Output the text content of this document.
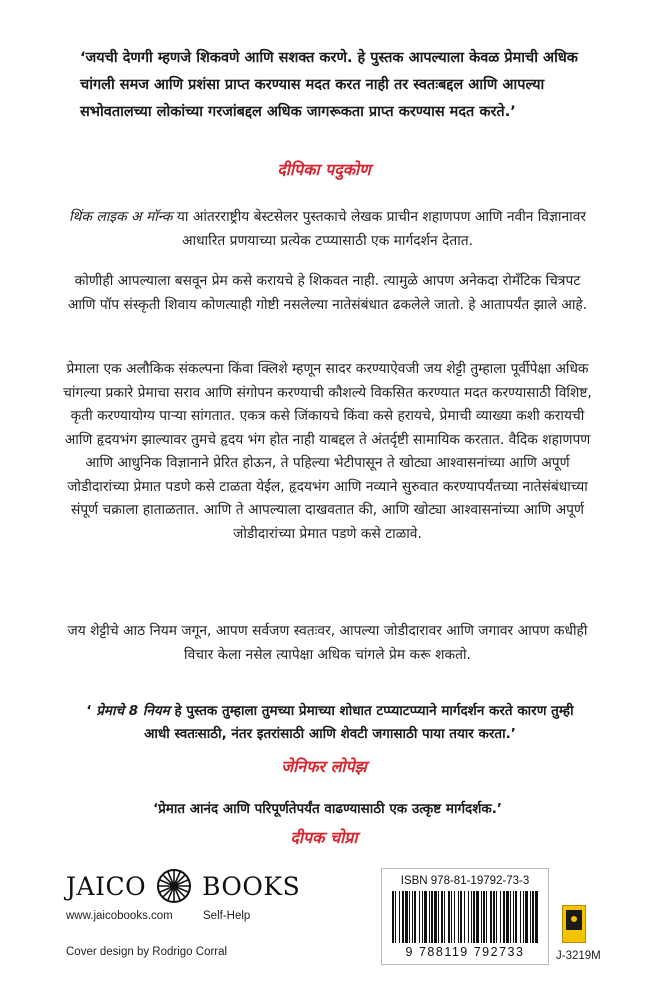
‘जयची देणगी म्हणजे शिकवणे आणि सशक्त करणे. हे पुस्तक आपल्याला केवळ प्रेमाची अधिक चांगली समज आणि प्रशंसा प्राप्त करण्यास मदत करत नाही तर स्वतःबद्दल आणि आपल्या सभोवतालच्या लोकांच्या गरजांबद्दल अधिक जागरूकता प्राप्त करण्यास मदत करते.’
दीपिका पदुकोण

थिंक लाइक अ मॉन्क या आंतरराष्ट्रीय बेस्टसेलर पुस्तकाचे लेखक प्राचीन शहाणपण आणि नवीन विज्ञानावर आधारित प्रणयाच्या प्रत्येक टप्प्यासाठी एक मार्गदर्शन देतात.

कोणीही आपल्याला बसवून प्रेम कसे करायचे हे शिकवत नाही. त्यामुळे आपण अनेकदा रोमँटिक चित्रपट आणि पॉप संस्कृती शिवाय कोणत्याही गोष्टी नसलेल्या नातेसंबंधात ढकलेले जातो. हे आतापर्यंत झाले आहे.

प्रेमाला एक अलौकिक संकल्पना किंवा क्लिशे म्हणून सादर करण्याऐवजी जय शेट्टी तुम्हाला पूर्वीपेक्षा अधिक चांगल्या प्रकारे प्रेमाचा सराव आणि संगोपन करण्याची कौशल्ये विकसित करण्यात मदत करण्यासाठी विशिष्ट, कृती करण्यायोग्य पाऱ्या सांगतात. एकत्र कसे जिंकायचे किंवा कसे हरायचे, प्रेमाची व्याख्या कशी करायची आणि हृदयभंग झाल्यावर तुमचे हृदय भंग होत नाही याबद्दल ते अंतर्दृष्टी सामायिक करतात. वैदिक शहाणपण आणि आधुनिक विज्ञानाने प्रेरित होऊन, ते पहिल्या भेटीपासून ते खोट्या आश्वासनांच्या आणि अपूर्ण जोडीदारांच्या प्रेमात पडणे कसे टाळता येईल, हृदयभंग आणि नव्याने सुरुवात करण्यापर्यंतच्या नातेसंबंधाच्या संपूर्ण चक्राला हाताळतात. आणि ते आपल्याला दाखवतात की, आणि खोट्या आश्वासनांच्या आणि अपूर्ण जोडीदारांच्या प्रेमात पडणे कसे टाळावे.

जय शेट्टीचे आठ नियम जगून, आपण सर्वजण स्वतःवर, आपल्या जोडीदारावर आणि जगावर आपण कधीही विचार केला नसेल त्यापेक्षा अधिक चांगले प्रेम करू शकतो.

‘ प्रेमाचे 8 नियम हे पुस्तक तुम्हाला तुमच्या प्रेमाच्या शोधात टप्प्याटप्प्याने मार्गदर्शन करते कारण तुम्ही आधी स्वतःसाठी, नंतर इतरांसाठी आणि शेवटी जगासाठी पाया तयार करता.’
जेनिफर लोपेझ
‘प्रेमात आनंद आणि परिपूर्णतेपर्यंत वाढण्यासाठी एक उत्कृष्ट मार्गदर्शक.’
दीपक चोप्रा
JAICO BOOKS
www.jaicobooks.com	Self-Help
Cover design by Rodrigo Corral
ISBN 978-81-19792-73-3
9 788119 792733	J-3219M
